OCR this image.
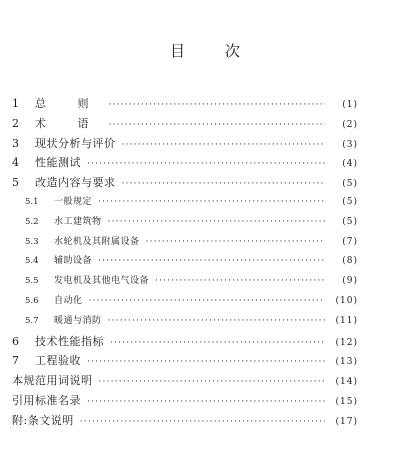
目	次
1	总 则 ·····	(1)
2	术 语 ·····	(2)
3	现状分析与评价 ·····	(3)
4	性能测试 ·····	(4)
5	改造内容与要求 ·····	(5)
5.1	一般规定 ·····	(5)
5.2	水工建筑物 ·····	(5)
5.3	水轮机及其附属设备 ·····	(7)
5.4	辅助设备 ·····	(8)
5.5	发电机及其他电气设备 ·····	(9)
5.6	自动化 ·····	(10)
5.7	暖通与消防 ·····	(11)
6	技术性能指标 ·····	(12)
7	工程验收 ·····	(13)
本规范用词说明 ·····	(14)
引用标准名录 ·····	(15)
附:条文说明 ·····	(17)
